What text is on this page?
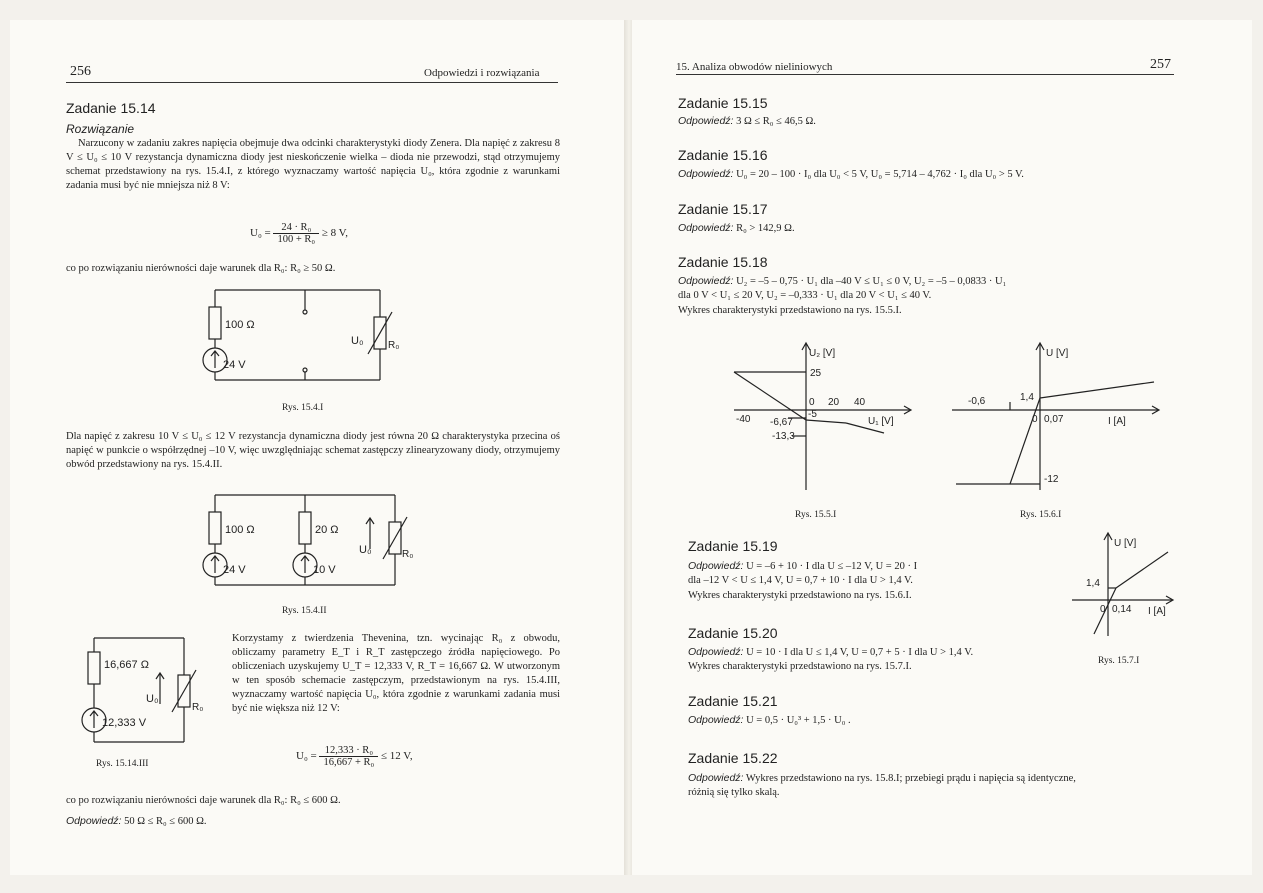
256	Odpowiedzi i rozwiązania
Zadanie 15.14
Rozwiązanie
Narzucony w zadaniu zakres napięcia obejmuje dwa odcinki charakterystyki diody Zenera. Dla napięć z zakresu 8 V ≤ U₀ ≤ 10 V rezystancja dynamiczna diody jest nieskończenie wielka – dioda nie przewodzi, stąd otrzymujemy schemat przedstawiony na rys. 15.4.I, z którego wyznaczamy wartość napięcia U₀, która zgodnie z warunkami zadania musi być nie mniejsza niż 8 V:
$U_0 = \frac{\text{24 · R₀}}{\text{100 + R₀}} \ge 8$ V,
co po rozwiązaniu nierówności daje warunek dla R₀: R₀ ≥ 50 Ω.
100 Ω
24 V
U₀ R₀
Rys. 15.4.I
Dla napięć z zakresu 10 V ≤ U₀ ≤ 12 V rezystancja dynamiczna diody jest równa 20 Ω charakterystyka przecina oś napięć w punkcie o współrzędnej –10 V, więc uwzględniając schemat zastępczy zlinearyzowany diody, otrzymujemy obwód przedstawiony na rys. 15.4.II.
100 Ω
24 V
20 Ω
10 V
U₀	R₀
Rys. 15.4.II
16,667 Ω
12,333 V
U₀
R₀
Rys. 15.14.III
Korzystamy z twierdzenia Thevenina, tzn. wycinając R₀ z obwodu, obliczamy parametry E_T i R_T zastępczego źródła napięciowego. Po obliczeniach uzyskujemy U_T = 12,333 V, R_T = 16,667 Ω. W utworzonym w ten sposób schemacie zastępczym, przedstawionym na rys. 15.4.III, wyznaczamy wartość napięcia U₀, która zgodnie z warunkami zadania musi być nie większa niż 12 V:
$U_0 = \frac{\text{12,333 · R₀}}{\text{16,667 + R₀}} \le 12$ V,
co po rozwiązaniu nierówności daje warunek dla R₀: R₀ ≤ 600 Ω.
Odpowiedź: 50 Ω ≤ R₀ ≤ 600 Ω.
15. Analiza obwodów nieliniowych	257
Zadanie 15.15
Odpowiedź: 3 Ω ≤ R₀ ≤ 46,5 Ω.
Zadanie 15.16
Odpowiedź: U₀ = 20 – 100 · I₀ dla U₀ < 5 V, U₀ = 5,714 – 4,762 · I₀ dla U₀ > 5 V.
Zadanie 15.17
Odpowiedź: R₀ > 142,9 Ω.
Zadanie 15.18
Odpowiedź: U₂ = –5 – 0,75 · U₁ dla –40 V ≤ U₁ ≤ 0 V, U₂ = –5 – 0,0833 · U₁
dla 0 V < U₁ ≤ 20 V, U₂ = –0,333 · U₁ dla 20 V < U₁ ≤ 40 V.
Wykres charakterystyki przedstawiono na rys. 15.5.I.
U₂ [V]
25
0 20 40
-40 -6,67
-5
-13,3
U₁ [V]
Rys. 15.5.I
U [V]
-0,6	1,4
0 0,07
-12
I [A]
Rys. 15.6.I
Zadanie 15.19
Odpowiedź: U = –6 + 10 · I dla U ≤ –12 V, U = 20 · I
dla –12 V < U ≤ 1,4 V, U = 0,7 + 10 · I dla U > 1,4 V.
Wykres charakterystyki przedstawiono na rys. 15.6.I.
U [V]
1,4
0 0,14 I [A]
Rys. 15.7.I
Zadanie 15.20
Odpowiedź: U = 10 · I dla U ≤ 1,4 V, U = 0,7 + 5 · I dla U > 1,4 V.
Wykres charakterystyki przedstawiono na rys. 15.7.I.
Zadanie 15.21
Odpowiedź: U = 0,5 · U₀³ + 1,5 · U₀ .
Zadanie 15.22
Odpowiedź: Wykres przedstawiono na rys. 15.8.I; przebiegi prądu i napięcia są identyczne,
różnią się tylko skalą.
